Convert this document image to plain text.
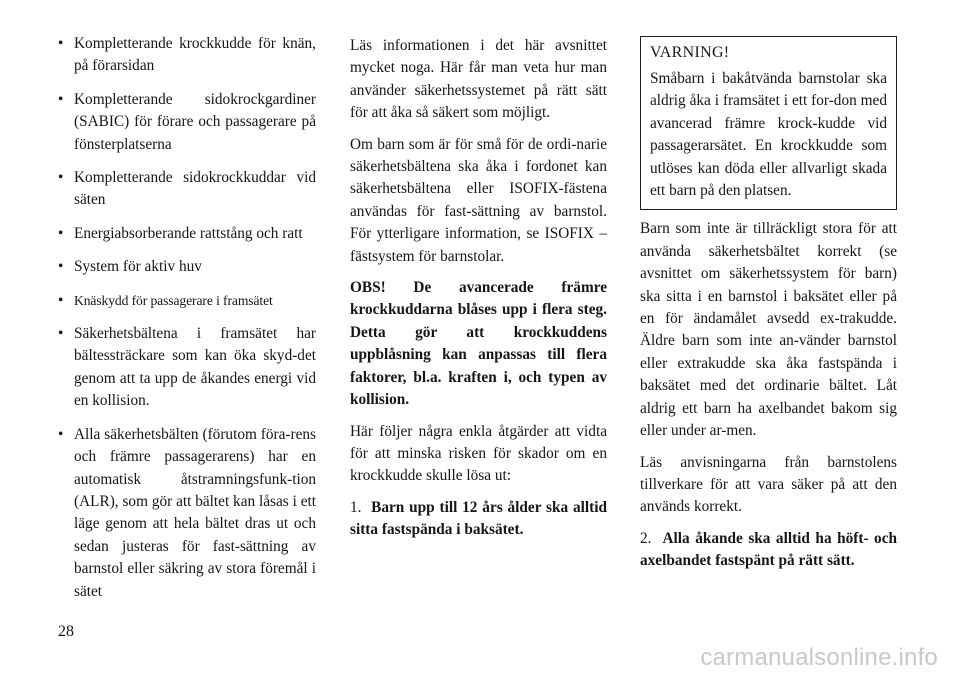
• Kompletterande krockkudde för knän, på förarsidan
• Kompletterande sidokrockgardiner (SABIC) för förare och passagerare på fönsterplatserna
• Kompletterande sidokrockkuddar vid säten
• Energiabsorberande rattstång och ratt
• System för aktiv huv
• Knäskydd för passagerare i framsätet
• Säkerhetsbältena i framsätet har bältessträckare som kan öka skyd-det genom att ta upp de åkandes energi vid en kollision.
• Alla säkerhetsbälten (förutom föra-rens och främre passagerarens) har en automatisk åtstramningsfunk-tion (ALR), som gör att bältet kan låsas i ett läge genom att hela bältet dras ut och sedan justeras för fast-sättning av barnstol eller säkring av stora föremål i sätet

Läs informationen i det här avsnittet mycket noga. Här får man veta hur man använder säkerhetssystemet på rätt sätt för att åka så säkert som möjligt.

Om barn som är för små för de ordi-narie säkerhetsbältena ska åka i fordonet kan säkerhetsbältena eller ISOFIX-fästena användas för fast-sättning av barnstol. För ytterligare information, se ISOFIX – fästsystem för barnstolar.

OBS! De avancerade främre krockkuddarna blåses upp i flera steg. Detta gör att krockkuddens uppblåsning kan anpassas till flera faktorer, bl.a. kraften i, och typen av kollision.

Här följer några enkla åtgärder att vidta för att minska risken för skador om en krockkudde skulle lösa ut:

1. Barn upp till 12 års ålder ska alltid sitta fastspända i baksätet.

VARNING!
Småbarn i bakåtvända barnstolar ska aldrig åka i framsätet i ett for-don med avancerad främre krock-kudde vid passagerarsätet. En krockkudde som utlöses kan döda eller allvarligt skada ett barn på den platsen.

Barn som inte är tillräckligt stora för att använda säkerhetsbältet korrekt (se avsnittet om säkerhetssystem för barn) ska sitta i en barnstol i baksätet eller på en för ändamålet avsedd ex-trakudde. Äldre barn som inte an-vänder barnstol eller extrakudde ska åka fastspända i baksätet med det ordinarie bältet. Låt aldrig ett barn ha axelbandet bakom sig eller under ar-men.

Läs anvisningarna från barnstolens tillverkare för att vara säker på att den används korrekt.

2. Alla åkande ska alltid ha höft- och axelbandet fastspänt på rätt sätt.

28
carmanualsonline.info
